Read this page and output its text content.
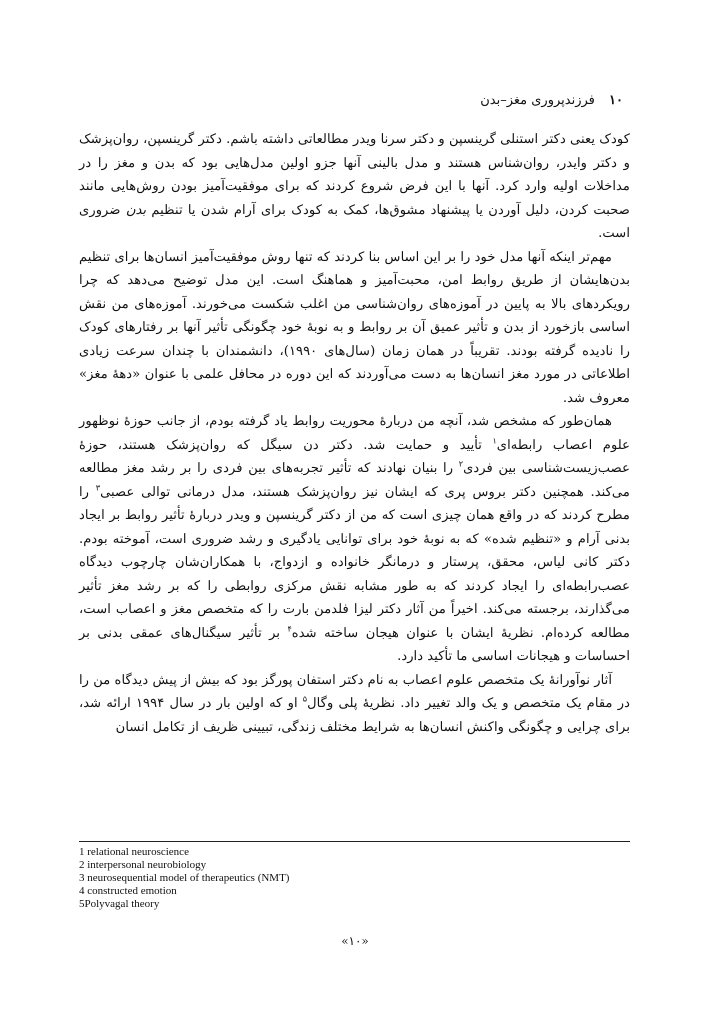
۱۰ فرزندپروری مغز–بدن

کودک یعنی دکتر استنلی گرینسپن و دکتر سرنا ویدر مطالعاتی داشته باشم. دکتر گرینسپن، روان‌پزشک و دکتر وایدر، روان‌شناس هستند و مدل بالینی آنها جزو اولین مدل‌هایی بود که بدن و مغز را در مداخلات اولیه وارد کرد. آنها با این فرض شروع کردند که برای موفقیت‌آمیز بودن روش‌هایی مانند صحبت کردن، دلیل آوردن یا پیشنهاد مشوق‌ها، کمک به کودک برای آرام شدن یا تنظیم بدن ضروری است.

مهم‌تر اینکه آنها مدل خود را بر این اساس بنا کردند که تنها روش موفقیت‌آمیز انسان‌ها برای تنظیم بدن‌هایشان از طریق روابط امن، محبت‌آمیز و هماهنگ است. این مدل توضیح می‌دهد که چرا رویکردهای بالا به پایین در آموزه‌های روان‌شناسی من اغلب شکست می‌خورند. آموزه‌های من نقش اساسی بازخورد از بدن و تأثیر عمیق آن بر روابط و به نوبهٔ خود چگونگی تأثیر آنها بر رفتارهای کودک را نادیده گرفته بودند. تقریباً در همان زمان (سال‌های ۱۹۹۰)، دانشمندان با چندان سرعت زیادی اطلاعاتی در مورد مغز انسان‌ها به دست می‌آوردند که این دوره در محافل علمی با عنوان «دههٔ مغز» معروف شد.

همان‌طور که مشخص شد، آنچه من دربارهٔ محوریت روابط یاد گرفته بودم، از جانب حوزهٔ نوظهور علوم اعصاب رابطه‌ای$^۱$ تأیید و حمایت شد. دکتر دن سیگل که روان‌پزشک هستند، حوزهٔ عصب‌زیست‌شناسی بین فردی$^۲$ را بنیان نهادند که تأثیر تجربه‌های بین فردی را بر رشد مغز مطالعه می‌کند. همچنین دکتر بروس پری که ایشان نیز روان‌پزشک هستند، مدل درمانی توالی عصبی$^۳$ را مطرح کردند که در واقع همان چیزی است که من از دکتر گرینسپن و ویدر دربارهٔ تأثیر روابط بر ایجاد بدنی آرام و «تنظیم شده» که به نوبهٔ خود برای توانایی یادگیری و رشد ضروری است، آموخته بودم. دکتر کانی لیاس، محقق، پرستار و درمانگر خانواده و ازدواج، با همکاران‌شان چارچوب دیدگاه عصب‌رابطه‌ای را ایجاد کردند که به طور مشابه نقش مرکزی روابطی را که بر رشد مغز تأثیر می‌گذارند، برجسته می‌کند. اخیراً من آثار دکتر لیزا فلدمن بارت را که متخصص مغز و اعصاب است، مطالعه کرده‌ام. نظریهٔ ایشان با عنوان هیجان ساخته شده$^۴$ بر تأثیر سیگنال‌های عمقی بدنی بر احساسات و هیجانات اساسی ما تأکید دارد.

آثار نوآورانهٔ یک متخصص علوم اعصاب به نام دکتر استفان پورگز بود که بیش از پیش دیدگاه من را در مقام یک متخصص و یک والد تغییر داد. نظریهٔ پلی وگال$^۵$ او که اولین بار در سال ۱۹۹۴ ارائه شد، برای چرایی و چگونگی واکنش انسان‌ها به شرایط مختلف زندگی، تبیینی ظریف از تکامل انسان

1 relational neuroscience
2 interpersonal neurobiology
3 neurosequential model of therapeutics (NMT)
4 constructed emotion
5Polyvagal theory
«۱۰»
